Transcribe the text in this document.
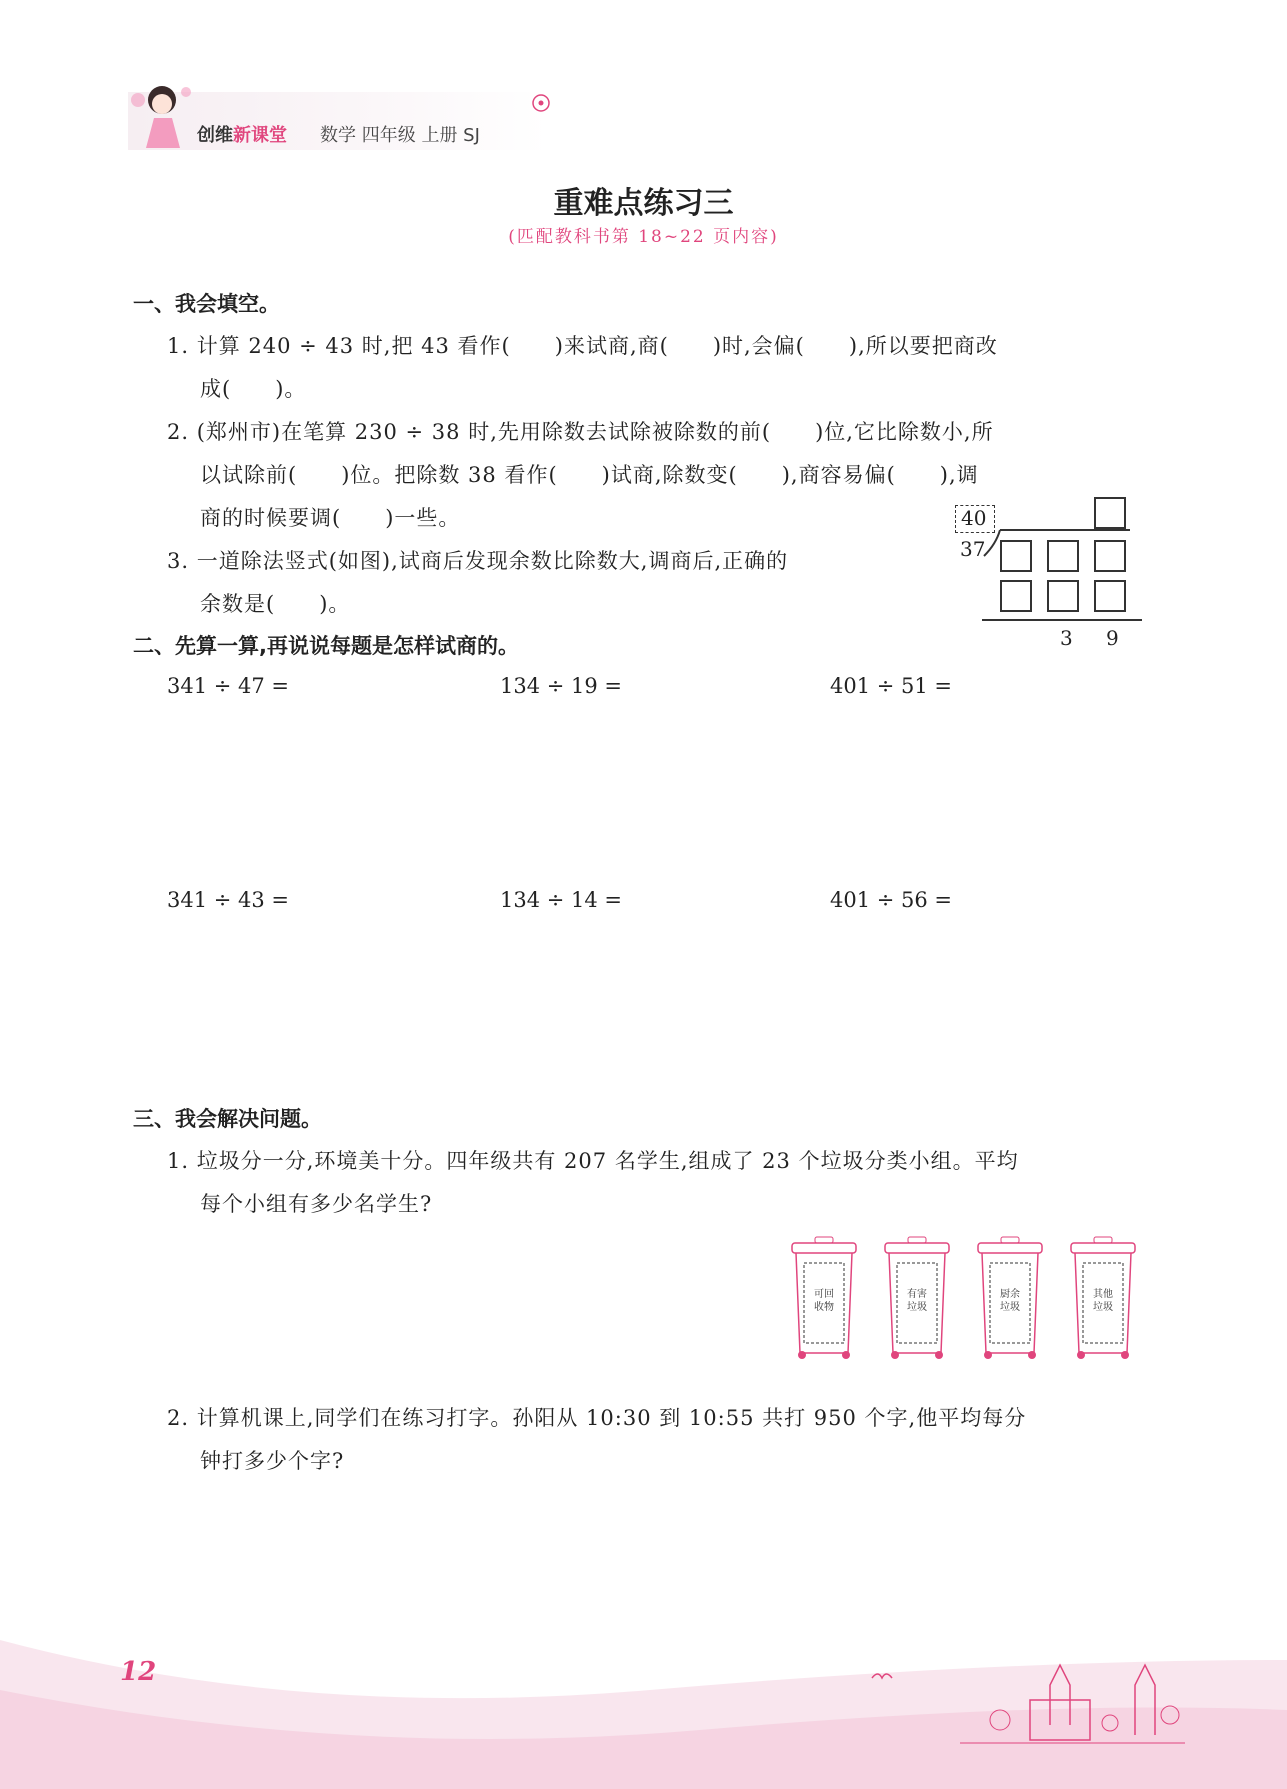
创维新课堂 数学 四年级 上册 SJ
重难点练习三
(匹配教科书第 18~22 页内容)
一、我会填空。
1. 计算 240 ÷ 43 时,把 43 看作(　　)来试商,商(　　)时,会偏(　　),所以要把商改
成(　　)。
2. (郑州市)在笔算 230 ÷ 38 时,先用除数去试除被除数的前(　　)位,它比除数小,所
以试除前(　　)位。把除数 38 看作(　　)试商,除数变(　　),商容易偏(　　),调
商的时候要调(　　)一些。
3. 一道除法竖式(如图),试商后发现余数比除数大,调商后,正确的
余数是(　　)。
40
37
3 9
二、先算一算,再说说每题是怎样试商的。
341 ÷ 47 =	134 ÷ 19 =	401 ÷ 51 =
341 ÷ 43 =	134 ÷ 14 =	401 ÷ 56 =
三、我会解决问题。
1. 垃圾分一分,环境美十分。四年级共有 207 名学生,组成了 23 个垃圾分类小组。平均
每个小组有多少名学生?
可回
收物
有害
垃圾
厨余
垃圾
其他
垃圾
2. 计算机课上,同学们在练习打字。孙阳从 10:30 到 10:55 共打 950 个字,他平均每分
钟打多少个字?
12
